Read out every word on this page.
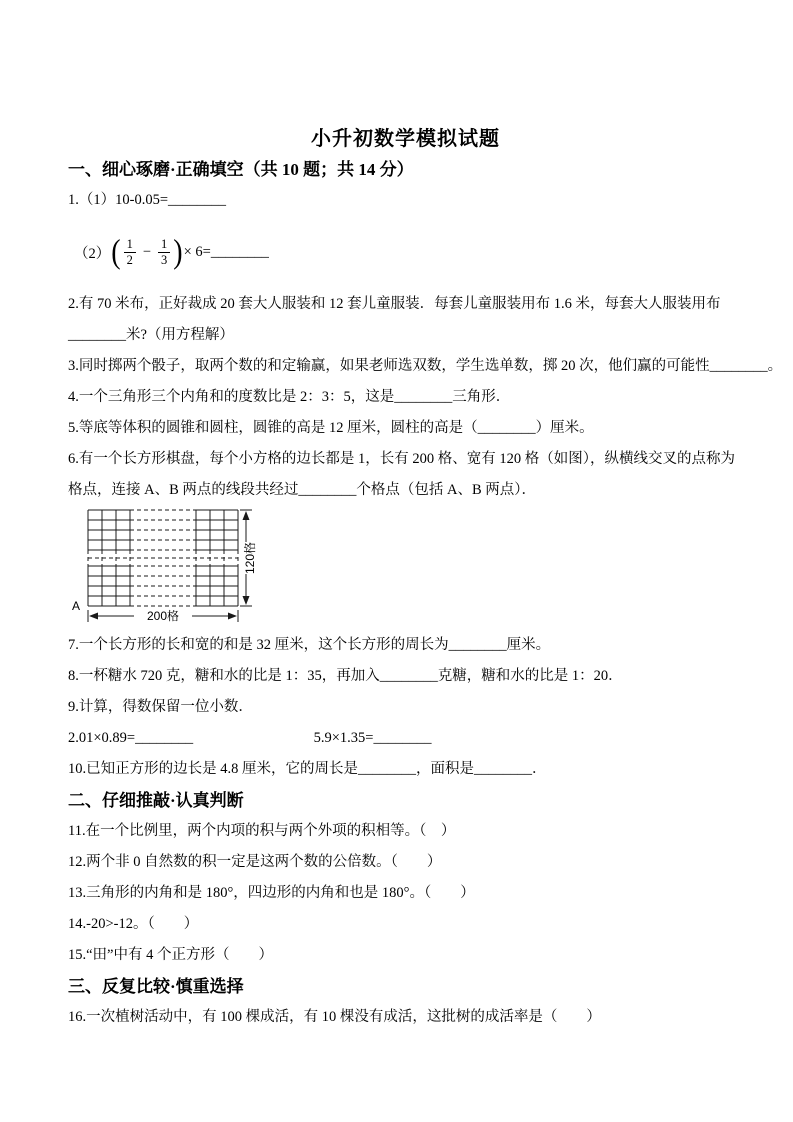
小升初数学模拟试题
一、细心琢磨·正确填空（共 10 题；共 14 分）

1.（1）10-0.05=________

（2） ( $\frac{1}{2} - \frac{1}{3}$ ) × 6=________

2.有 70 米布，正好裁成 20 套大人服装和 12 套儿童服装．每套儿童服装用布 1.6 米，每套大人服装用布

________米?（用方程解）

3.同时掷两个骰子，取两个数的和定输赢，如果老师选双数，学生选单数，掷 20 次，他们赢的可能性________。

4.一个三角形三个内角和的度数比是 2：3：5，这是________三角形．

5.等底等体积的圆锥和圆柱，圆锥的高是 12 厘米，圆柱的高是（________）厘米。

6.有一个长方形棋盘，每个小方格的边长都是 1，长有 200 格、宽有 120 格（如图），纵横线交叉的点称为

格点，连接 A、B 两点的线段共经过________个格点（包括 A、B 两点）．

A
200格
120格

7.一个长方形的长和宽的和是 32 厘米，这个长方形的周长为________厘米。

8.一杯糖水 720 克，糖和水的比是 1：35，再加入________克糖，糖和水的比是 1：20．

9.计算，得数保留一位小数．

2.01×0.89=________	5.9×1.35=________

10.已知正方形的边长是 4.8 厘米，它的周长是________，面积是________．

二、仔细推敲·认真判断

11.在一个比例里，两个内项的积与两个外项的积相等。（　）

12.两个非 0 自然数的积一定是这两个数的公倍数。（　　）

13.三角形的内角和是 180°，四边形的内角和也是 180°。（　　）

14.-20>-12。（　　）

15.“田”中有 4 个正方形（　　）

三、反复比较·慎重选择

16.一次植树活动中，有 100 棵成活，有 10 棵没有成活，这批树的成活率是（　　）
